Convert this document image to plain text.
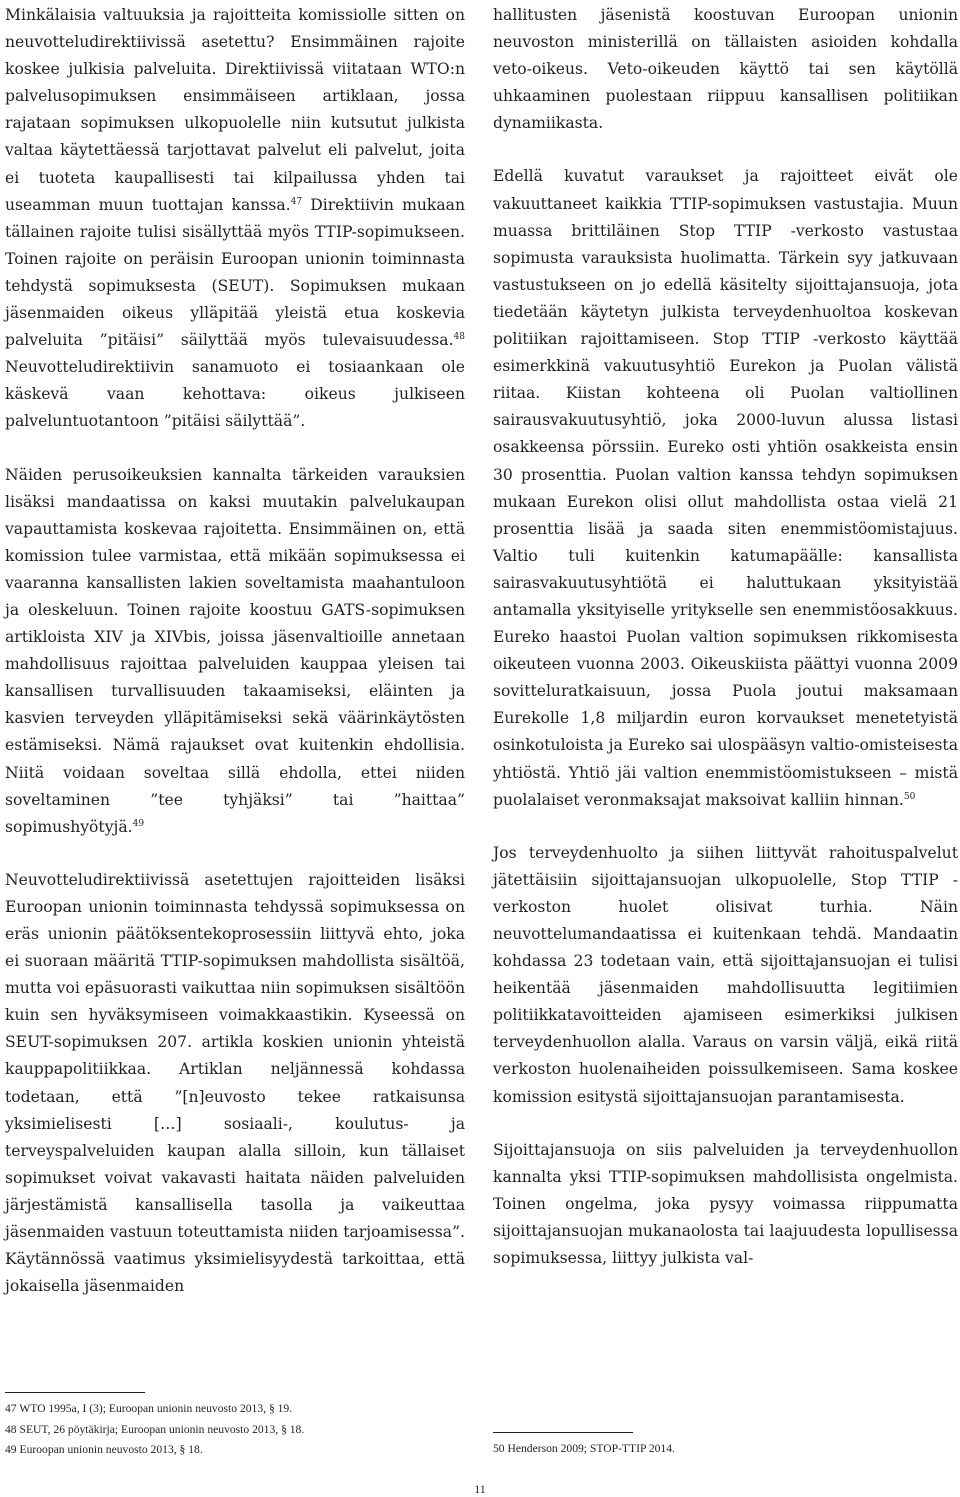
Minkälaisia valtuuksia ja rajoitteita komissiolle sitten on neuvotteludirektiivissä asetettu? Ensimmäinen rajoite koskee julkisia palveluita. Direktiivissä viitataan WTO:n palvelusopimuksen ensimmäiseen artiklaan, jossa rajataan sopimuksen ulkopuolelle niin kutsutut julkista valtaa käytettäessä tarjottavat palvelut eli palvelut, joita ei tuoteta kaupallisesti tai kilpailussa yhden tai useamman muun tuottajan kanssa.$^{47}$ Direktiivin mukaan tällainen rajoite tulisi sisällyttää myös TTIP-sopimukseen. Toinen rajoite on peräisin Euroopan unionin toiminnasta tehdystä sopimuksesta (SEUT). Sopimuksen mukaan jäsenmaiden oikeus ylläpitää yleistä etua koskevia palveluita ”pitäisi” säilyttää myös tulevaisuudessa.$^{48}$ Neuvotteludirektiivin sanamuoto ei tosiaankaan ole käskevä vaan kehottava: oikeus julkiseen palveluntuotantoon ”pitäisi säilyttää”.

Näiden perusoikeuksien kannalta tärkeiden varauksien lisäksi mandaatissa on kaksi muutakin palvelukaupan vapauttamista koskevaa rajoitetta. Ensimmäinen on, että komission tulee varmistaa, että mikään sopimuksessa ei vaaranna kansallisten lakien soveltamista maahantuloon ja oleskeluun. Toinen rajoite koostuu GATS-sopimuksen artikloista XIV ja XIVbis, joissa jäsenvaltioille annetaan mahdollisuus rajoittaa palveluiden kauppaa yleisen tai kansallisen turvallisuuden takaamiseksi, eläinten ja kasvien terveyden ylläpitämiseksi sekä väärinkäytösten estämiseksi. Nämä rajaukset ovat kuitenkin ehdollisia. Niitä voidaan soveltaa sillä ehdolla, ettei niiden soveltaminen ”tee tyhjäksi” tai ”haittaa” sopimushyötyjä.$^{49}$

Neuvotteludirektiivissä asetettujen rajoitteiden lisäksi Euroopan unionin toiminnasta tehdyssä sopimuksessa on eräs unionin päätöksentekoprosessiin liittyvä ehto, joka ei suoraan määritä TTIP-sopimuksen mahdollista sisältöä, mutta voi epäsuorasti vaikuttaa niin sopimuksen sisältöön kuin sen hyväksymiseen voimakkaastikin. Kyseessä on SEUT-sopimuksen 207. artikla koskien unionin yhteistä kauppapolitiikkaa. Artiklan neljännessä kohdassa todetaan, että ”[n]euvosto tekee ratkaisunsa yksimielisesti […] sosiaali-, koulutus- ja terveyspalveluiden kaupan alalla silloin, kun tällaiset sopimukset voivat vakavasti haitata näiden palveluiden järjestämistä kansallisella tasolla ja vaikeuttaa jäsenmaiden vastuun toteuttamista niiden tarjoamisessa”. Käytännössä vaatimus yksimielisyydestä tarkoittaa, että jokaisella jäsenmaiden

hallitusten jäsenistä koostuvan Euroopan unionin neuvoston ministerillä on tällaisten asioiden kohdalla veto-oikeus. Veto-oikeuden käyttö tai sen käytöllä uhkaaminen puolestaan riippuu kansallisen politiikan dynamiikasta.

Edellä kuvatut varaukset ja rajoitteet eivät ole vakuuttaneet kaikkia TTIP-sopimuksen vastustajia. Muun muassa brittiläinen Stop TTIP -verkosto vastustaa sopimusta varauksista huolimatta. Tärkein syy jatkuvaan vastustukseen on jo edellä käsitelty sijoittajansuoja, jota tiedetään käytetyn julkista terveydenhuoltoa koskevan politiikan rajoittamiseen. Stop TTIP -verkosto käyttää esimerkkinä vakuutusyhtiö Eurekon ja Puolan välistä riitaa. Kiistan kohteena oli Puolan valtiollinen sairausvakuutusyhtiö, joka 2000-luvun alussa listasi osakkeensa pörssiin. Eureko osti yhtiön osakkeista ensin 30 prosenttia. Puolan valtion kanssa tehdyn sopimuksen mukaan Eurekon olisi ollut mahdollista ostaa vielä 21 prosenttia lisää ja saada siten enemmistöomistajuus. Valtio tuli kuitenkin katumapäälle: kansallista sairasvakuutusyhtiötä ei haluttukaan yksityistää antamalla yksityiselle yritykselle sen enemmistöosakkuus. Eureko haastoi Puolan valtion sopimuksen rikkomisesta oikeuteen vuonna 2003. Oikeuskiista päättyi vuonna 2009 sovitteluratkaisuun, jossa Puola joutui maksamaan Eurekolle 1,8 miljardin euron korvaukset menetetyistä osinkotuloista ja Eureko sai ulospääsyn valtio-omisteisesta yhtiöstä. Yhtiö jäi valtion enemmistöomistukseen – mistä puolalaiset veronmaksajat maksoivat kalliin hinnan.$^{50}$

Jos terveydenhuolto ja siihen liittyvät rahoituspalvelut jätettäisiin sijoittajansuojan ulkopuolelle, Stop TTIP -verkoston huolet olisivat turhia. Näin neuvottelumandaatissa ei kuitenkaan tehdä. Mandaatin kohdassa 23 todetaan vain, että sijoittajansuojan ei tulisi heikentää jäsenmaiden mahdollisuutta legitiimien politiikkatavoitteiden ajamiseen esimerkiksi julkisen terveydenhuollon alalla. Varaus on varsin väljä, eikä riitä verkoston huolenaiheiden poissulkemiseen. Sama koskee komission esitystä sijoittajansuojan parantamisesta.

Sijoittajansuoja on siis palveluiden ja terveydenhuollon kannalta yksi TTIP-sopimuksen mahdollisista ongelmista. Toinen ongelma, joka pysyy voimassa riippumatta sijoittajansuojan mukanaolosta tai laajuudesta lopullisessa sopimuksessa, liittyy julkista val-

47 WTO 1995a, I (3); Euroopan unionin neuvosto 2013, § 19.

48 SEUT, 26 pöytäkirja; Euroopan unionin neuvosto 2013, § 18.

49 Euroopan unionin neuvosto 2013, § 18.	50 Henderson 2009; STOP-TTIP 2014.

11
